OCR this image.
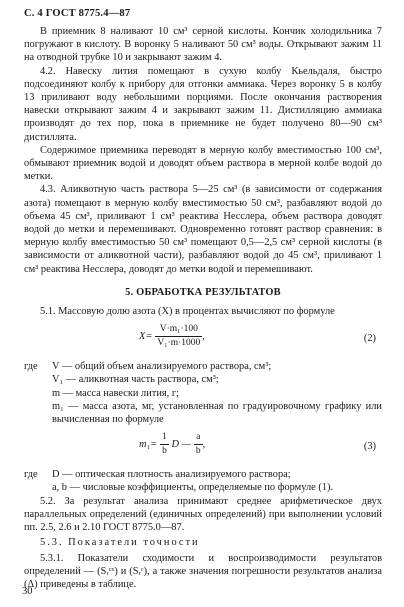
С. 4 ГОСТ 8775.4—87

В приемник 8 наливают 10 см³ серной кислоты. Кончик холодильника 7 погружают в кислоту. В воронку 5 наливают 50 см³ воды. Открывают зажим 11 на отводной трубке 10 и закрывают зажим 4.

4.2. Навеску лития помещают в сухую колбу Кьельдаля, быстро подсоединяют колбу к прибору для отгонки аммиака. Через воронку 5 в колбу 13 приливают воду небольшими порциями. После окончания растворения навески открывают зажим 4 и закрывают зажим 11. Дистилляцию аммиака производят до тех пор, пока в приемнике не будет получено 80—90 см³ дистиллята.

Содержимое приемника переводят в мерную колбу вместимостью 100 см³, обмывают приемник водой и доводят объем раствора в мерной колбе водой до метки.

4.3. Аликвотную часть раствора 5—25 см³ (в зависимости от содержания азота) помещают в мерную колбу вместимостью 50 см³, разбавляют водой до объема 45 см³, приливают 1 см³ реактива Несслера, объем раствора доводят водой до метки и перемешивают. Одновременно готовят раствор сравнения: в мерную колбу вместимостью 50 см³ помещают 0,5—2,5 см³ серной кислоты (в зависимости от аликвотной части), разбавляют водой до 45 см³, приливают 1 см³ реактива Несслера, доводят до метки водой и перемешивают.

5. ОБРАБОТКА РЕЗУЛЬТАТОВ

5.1. Массовую долю азота (X) в процентах вычисляют по формуле

$X= \frac{\text{V·m₁·100}}{\text{V₁·m·1000}}$ ,	(2)
где	V — общий объем анализируемого раствора, см³;
V₁ — аликвотная часть раствора, см³;
m — масса навески лития, г;
m₁ — масса азота, мг, установленная по градуировочному графику или вычисленная по формуле
$m_1= \frac{1}{b}$ D — $\frac{a}{b}$ ,	(3)
где	D — оптическая плотность анализируемого раствора;
a, b — числовые коэффициенты, определяемые по формуле (1).

5.2. За результат анализа принимают среднее арифметическое двух параллельных определений (единичных определений) при выполнении условий пп. 2.5, 2.6 и 2.10 ГОСТ 8775.0—87.

5.3. Показатели точности

5.3.1. Показатели сходимости и воспроизводимости результатов определений — (Sᵣᶜˣ) и (Sᵣᶜ), а также значения погрешности результатов анализа (Δ) приведены в таблице.

30
